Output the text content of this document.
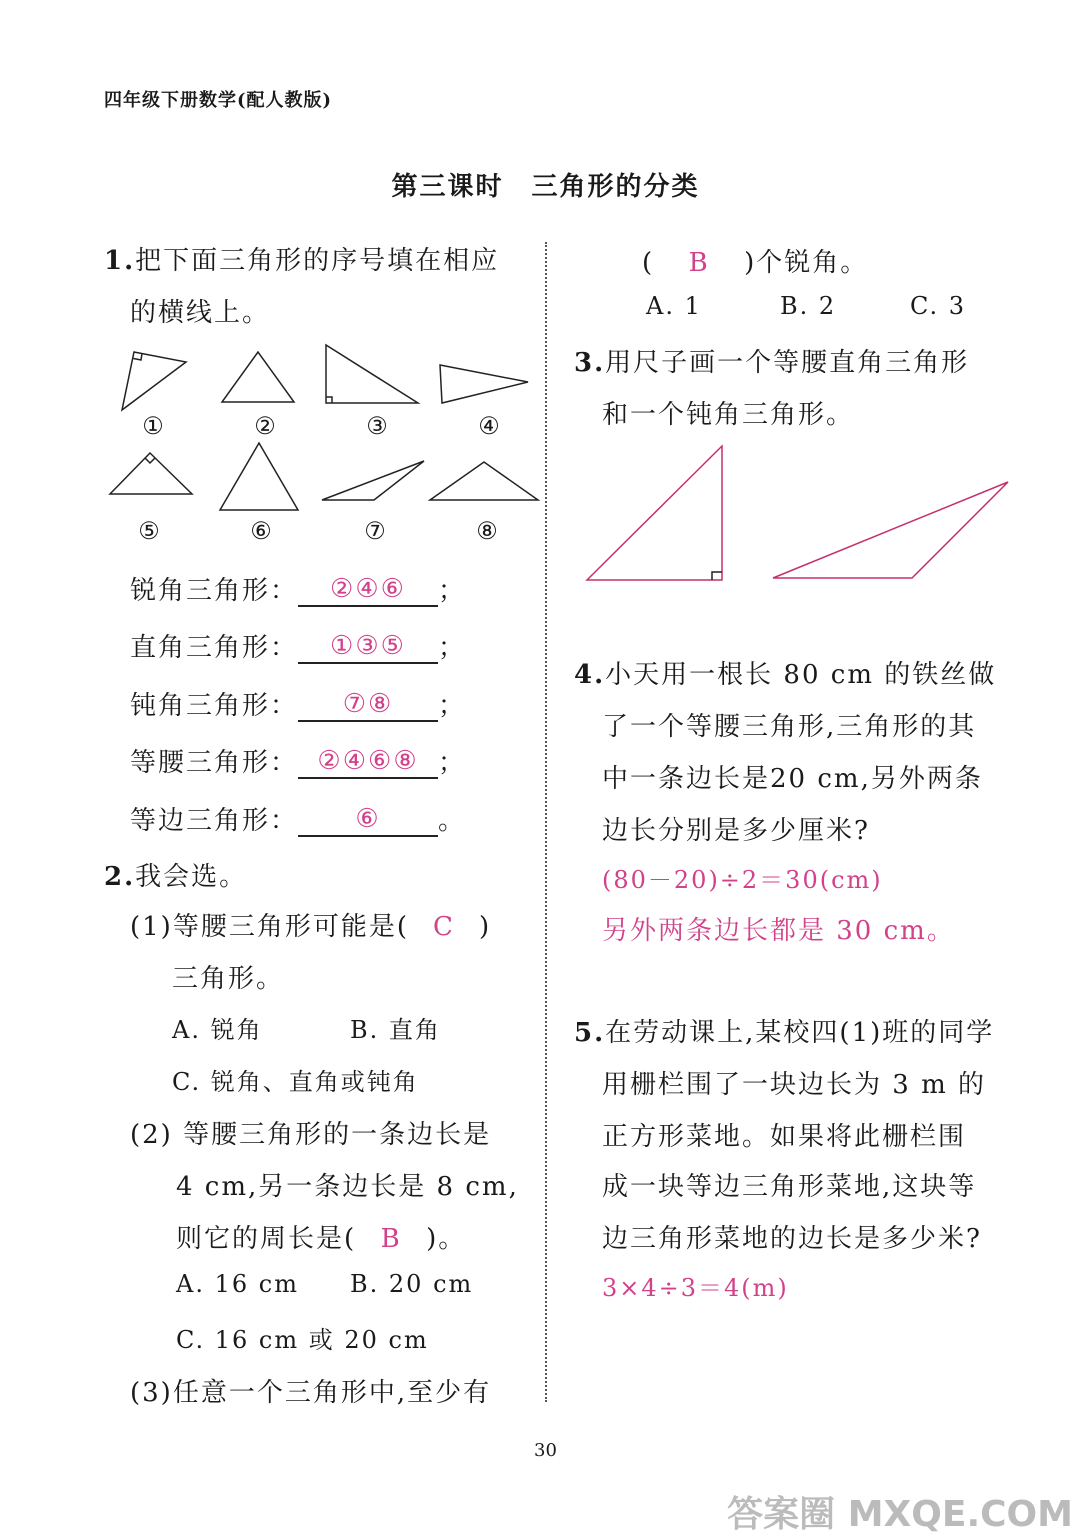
四年级下册数学(配人教版)
第三课时　三角形的分类
1.把下面三角形的序号填在相应
的横线上。
①	②	③	④
⑤	⑥	⑦	⑧
锐角三角形： ②④⑥ ；
直角三角形： ①③⑤ ；
钝角三角形： ⑦⑧ ；
等腰三角形： ②④⑥⑧ ；
等边三角形： ⑥ 。
2.我会选。
(1)等腰三角形可能是( C )
三角形。
A. 锐角	B. 直角
C. 锐角、直角或钝角
(2) 等腰三角形的一条边长是
4 cm,另一条边长是 8 cm,
则它的周长是( B )。
A. 16 cm B. 20 cm
C. 16 cm 或 20 cm
(3)任意一个三角形中,至少有
( B )个锐角。
A. 1	B. 2	C. 3
3.用尺子画一个等腰直角三角形
和一个钝角三角形。
4.小天用一根长 80 cm 的铁丝做
了一个等腰三角形,三角形的其
中一条边长是20 cm,另外两条
边长分别是多少厘米?
(80－20)÷2＝30(cm)
另外两条边长都是 30 cm。
5.在劳动课上,某校四(1)班的同学
用栅栏围了一块边长为 3 m 的
正方形菜地。如果将此栅栏围
成一块等边三角形菜地,这块等
边三角形菜地的边长是多少米?
3×4÷3＝4(m)
30
答案圈 MXQE.COM
